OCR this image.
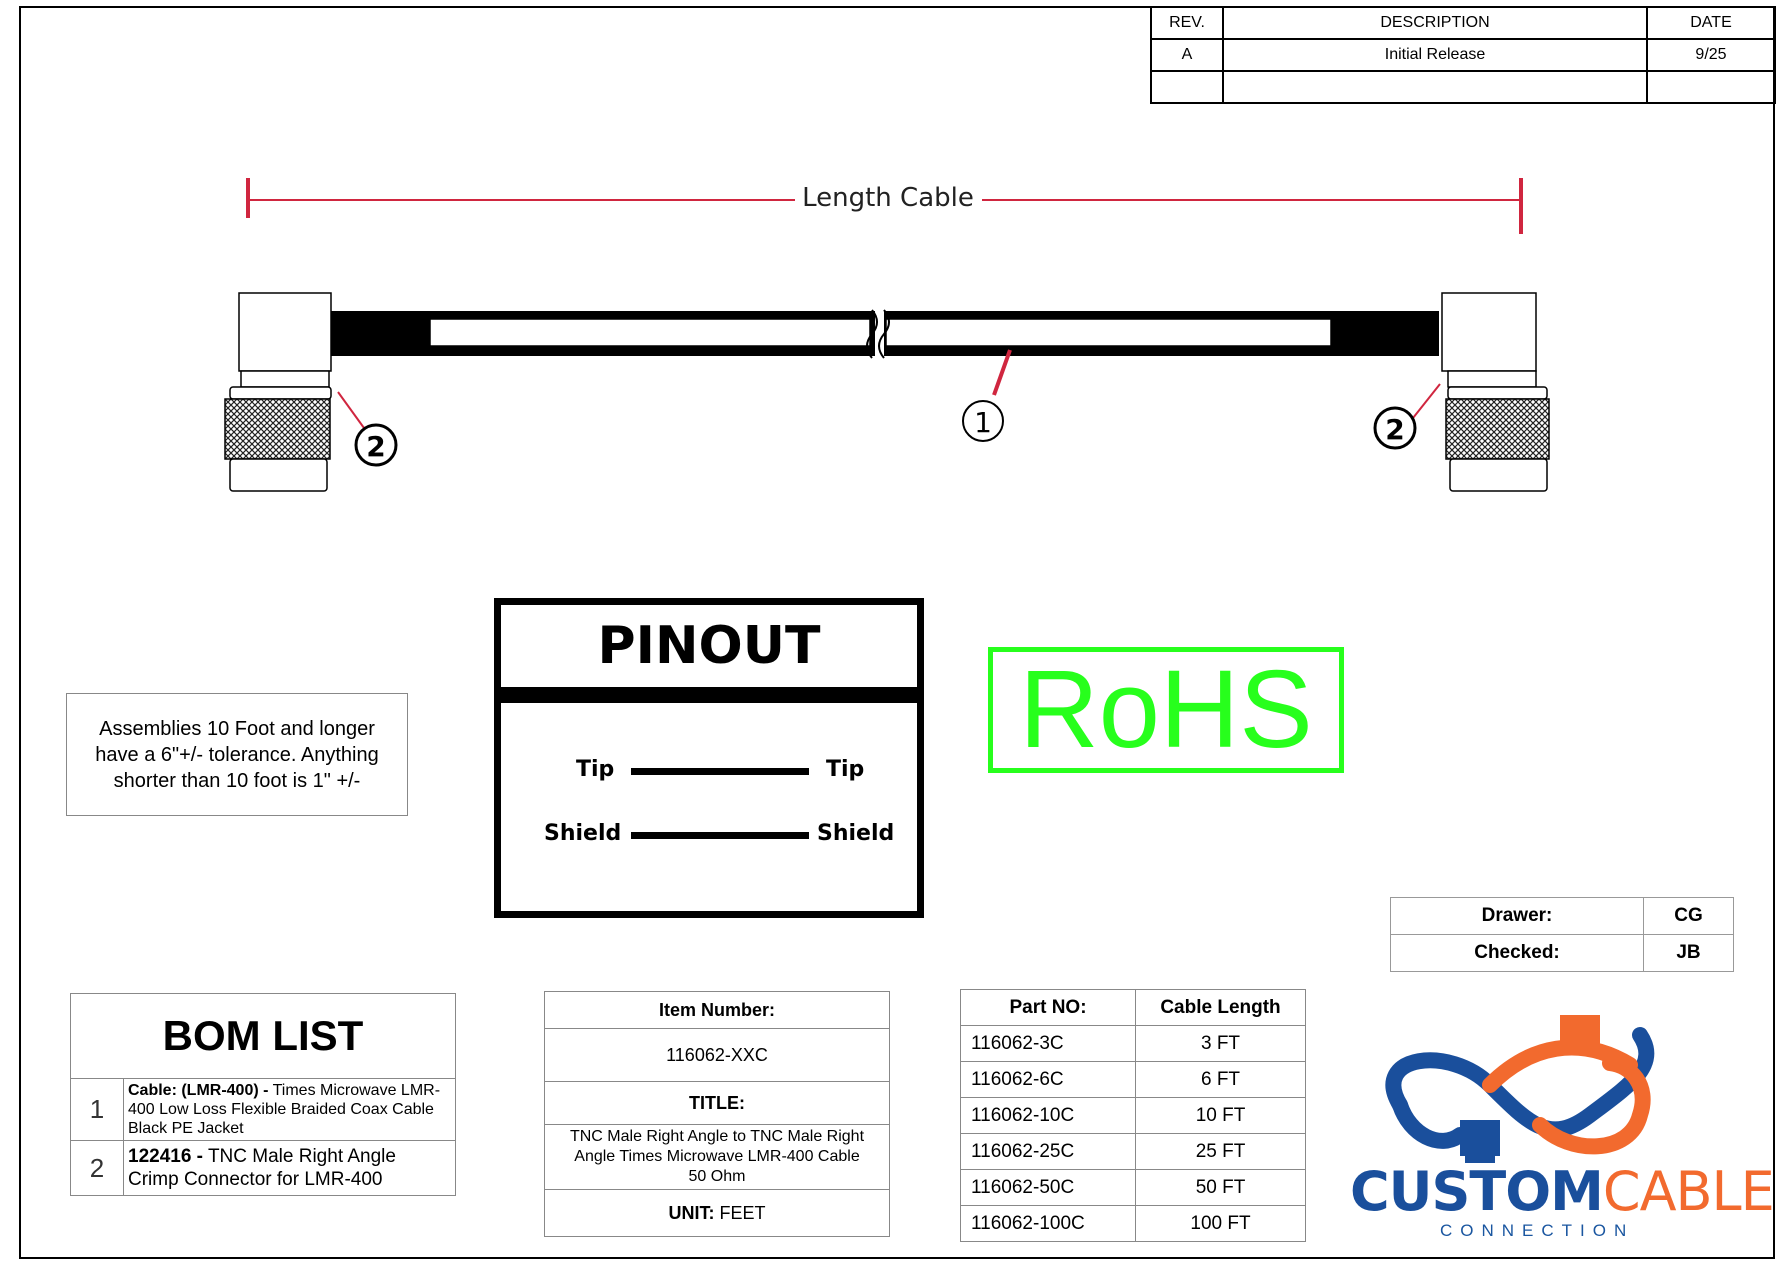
REV.	DESCRIPTION	DATE
A	Initial Release	9/25

Length Cable
1
2
2
Assemblies 10 Foot and longer have a 6"+/- tolerance. Anything shorter than 10 foot is 1" +/-
PINOUT
Tip	Tip
Shield	Shield
RoHS
Drawer:	CG
Checked:	JB
BOM LIST	
1	Cable: (LMR-400) - Times Microwave LMR-400 Low Loss Flexible Braided Coax Cable Black PE Jacket
2	122416 - TNC Male Right Angle Crimp Connector for LMR-400
Item Number:
116062-XXC
TITLE:
TNC Male Right Angle to TNC Male Right Angle Times Microwave LMR-400 Cable 50 Ohm
UNIT: FEET
Part NO:	Cable Length
116062-3C	3 FT
116062-6C	6 FT
116062-10C	10 FT
116062-25C	25 FT
116062-50C	50 FT
116062-100C	100 FT CUSTOMCABLE
CONNECTION
